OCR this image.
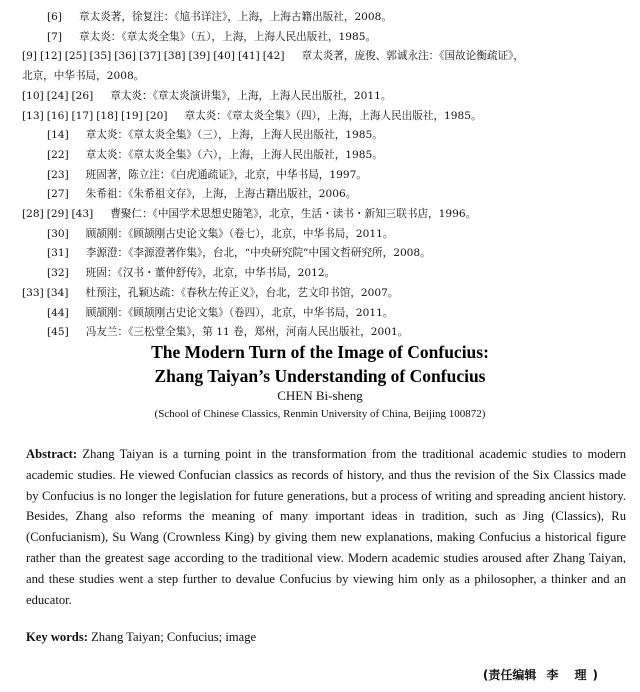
[6] 章太炎著，徐复注：《訄书详注》，上海，上海古籍出版社，2008。
[7] 章太炎：《章太炎全集》（五），上海，上海人民出版社，1985。
[9] [12] [25] [35] [36] [37] [38] [39] [40] [41] [42] 章太炎著，庞俊、郭诚永注：《国故论衡疏证》，
北京，中华书局，2008。
[10] [24] [26] 章太炎：《章太炎演讲集》，上海，上海人民出版社，2011。
[13] [16] [17] [18] [19] [20] 章太炎：《章太炎全集》（四），上海，上海人民出版社，1985。
[14] 章太炎：《章太炎全集》（三），上海，上海人民出版社，1985。
[22] 章太炎：《章太炎全集》（六），上海，上海人民出版社，1985。
[23] 班固著，陈立注：《白虎通疏证》，北京，中华书局，1997。
[27] 朱希祖：《朱希祖文存》，上海，上海古籍出版社，2006。
[28] [29] [43] 曹聚仁：《中国学术思想史随笔》，北京，生活・读书・新知三联书店，1996。
[30] 顾颉刚：《顾颉刚古史论文集》（卷七），北京，中华书局，2011。
[31] 李源澄：《李源澄著作集》，台北，“中央研究院”中国文哲研究所，2008。
[32] 班固：《汉书・董仲舒传》，北京，中华书局，2012。
[33] [34] 杜预注，孔颖达疏：《春秋左传正义》，台北，艺文印书馆，2007。
[44] 顾颉刚：《顾颉刚古史论文集》（卷四），北京，中华书局，2011。
[45] 冯友兰：《三松堂全集》，第 11 卷，郑州，河南人民出版社，2001。
The Modern Turn of the Image of Confucius:
Zhang Taiyan’s Understanding of Confucius
CHEN Bi-sheng
(School of Chinese Classics, Renmin University of China, Beijing 100872)
Abstract: Zhang Taiyan is a turning point in the transformation from the traditional academic studies to modern academic studies. He viewed Confucian classics as records of history, and thus the revision of the Six Classics made by Confucius is no longer the legislation for future generations, but a process of writing and spreading ancient history. Besides, Zhang also reforms the meaning of many important ideas in tradition, such as Jing (Classics), Ru (Confucianism), Su Wang (Crownless King) by giving them new explanations, making Confucius a historical figure rather than the greatest sage according to the traditional view. Modern academic studies aroused after Zhang Taiyan, and these studies went a step further to devalue Confucius by viewing him only as a philosopher, a thinker and an educator.
Key words: Zhang Taiyan; Confucius; image
(责任编辑 李 理)
